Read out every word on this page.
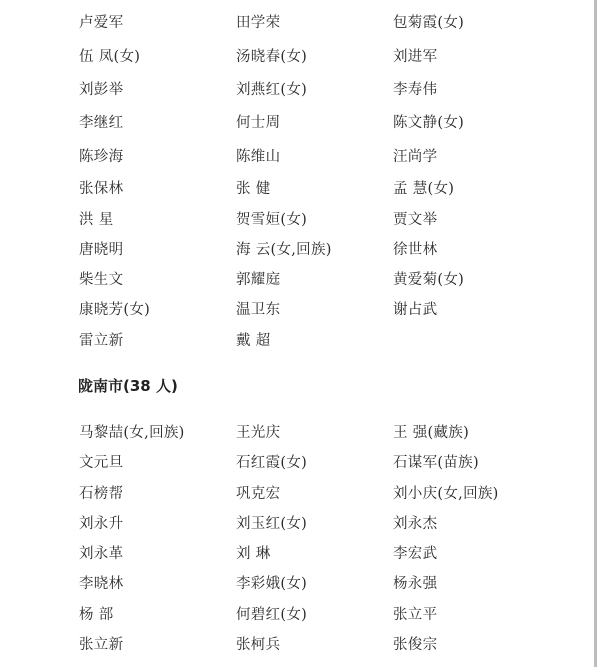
卢爱军	田学荣	包菊霞(女)
伍 凤(女)	汤晓春(女)	刘进军
刘彭举	刘燕红(女)	李寿伟
李继红	何士周	陈文静(女)
陈珍海	陈维山	汪尚学
张保林	张 健	孟 慧(女)
洪 星	贺雪姮(女)	贾文举
唐晓明	海 云(女,回族)	徐世林
柴生文	郭耀庭	黄爱菊(女)
康晓芳(女)	温卫东	谢占武
雷立新	戴 超
陇南市(38 人)
马黎喆(女,回族)	王光庆	王 强(藏族)
文元旦	石红霞(女)	石谋军(苗族)
石榜帮	巩克宏	刘小庆(女,回族)
刘永升	刘玉红(女)	刘永杰
刘永革	刘 琳	李宏武
李晓林	李彩娥(女)	杨永强
杨 部	何碧红(女)	张立平
张立新	张柯兵	张俊宗
